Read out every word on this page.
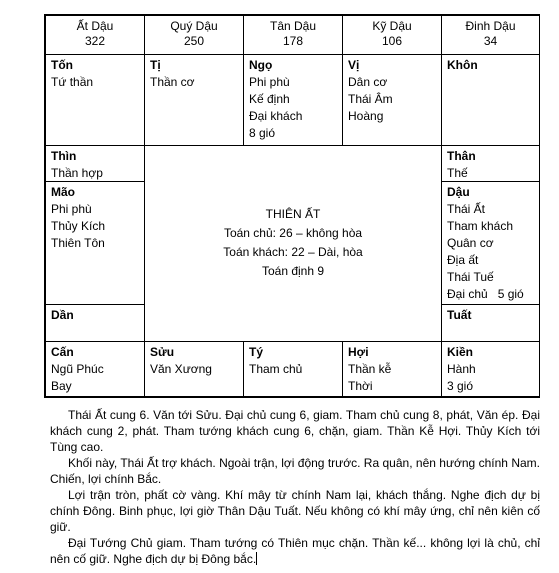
Ất Dậu
322
Quý Dậu
250
Tân Dậu
178
Kỹ Dậu
106
Đinh Dậu
34
Tốn
Tứ thần
Tị
Thần cơ
Ngọ
Phi phù
Kế định
Đại khách
8 gió
Vị
Dân cơ
Thái Âm
Hoàng
Khôn
Thìn
Thần hợp
Mão
Phi phù
Thủy Kích
Thiên Tôn
Dần
Thân
Thế
Dậu
Thái Ất
Tham khách
Quân cơ
Địa ất
Thái Tuế
Đại chủ   5 gió
Tuất
THIÊN ẤT
Toán chủ: 26 – không hòa
Toán khách: 22 – Dài, hòa
Toán định 9
Cấn
Ngũ Phúc
Bay
Sửu
Văn Xương
Tý
Tham chủ
Hợi
Thần kễ
Thời
Kiền
Hành
3 gió

Thái Ất cung 6. Văn tới Sửu. Đại chủ cung 6, giam. Tham chủ cung 8, phát, Văn ép. Đại khách cung 2, phát. Tham tướng khách cung 6, chặn, giam. Thần Kễ Hợi. Thủy Kích tới Tùng cao.

Khối này, Thái Ất trợ khách. Ngoài trận, lợi động trước. Ra quân, nên hướng chính Nam. Chiến, lợi chính Bắc.

Lợi trận tròn, phất cờ vàng. Khí mây từ chính Nam lại, khách thắng. Nghe địch dự bị chính Đông. Binh phục, lợi giờ Thân Dậu Tuất. Nếu không có khí mây ứng, chỉ nên kiên cố giữ.

Đại Tướng Chủ giam. Tham tướng có Thiên mục chặn. Thần kế... không lợi là chủ, chỉ nên cố giữ. Nghe địch dự bị Đông bắc.
